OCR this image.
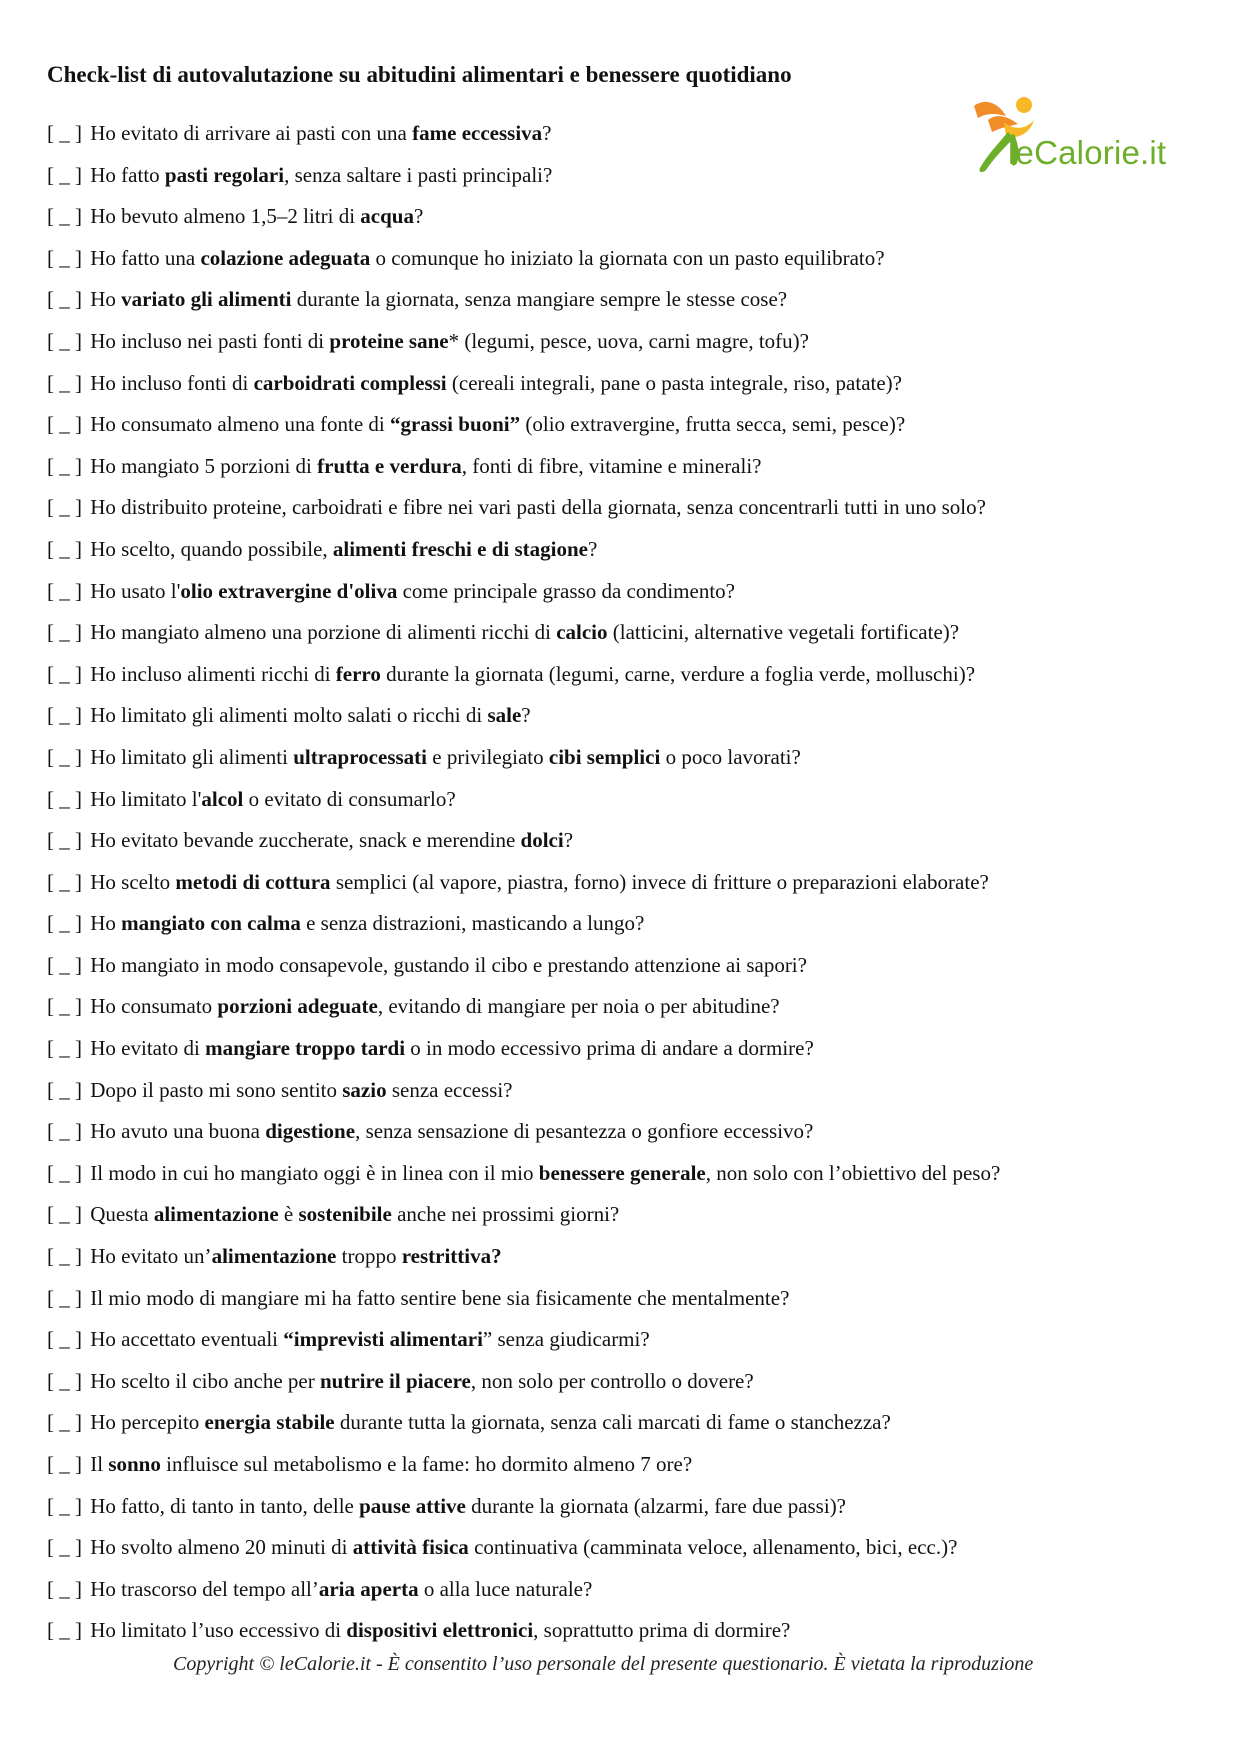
Check-list di autovalutazione su abitudini alimentari e benessere quotidiano
leCalorie.it
[ _ ] Ho evitato di arrivare ai pasti con una fame eccessiva?
[ _ ] Ho fatto pasti regolari, senza saltare i pasti principali?
[ _ ] Ho bevuto almeno 1,5–2 litri di acqua?
[ _ ] Ho fatto una colazione adeguata o comunque ho iniziato la giornata con un pasto equilibrato?
[ _ ] Ho variato gli alimenti durante la giornata, senza mangiare sempre le stesse cose?
[ _ ] Ho incluso nei pasti fonti di proteine sane* (legumi, pesce, uova, carni magre, tofu)?
[ _ ] Ho incluso fonti di carboidrati complessi (cereali integrali, pane o pasta integrale, riso, patate)?
[ _ ] Ho consumato almeno una fonte di “grassi buoni” (olio extravergine, frutta secca, semi, pesce)?
[ _ ] Ho mangiato 5 porzioni di frutta e verdura, fonti di fibre, vitamine e minerali?
[ _ ] Ho distribuito proteine, carboidrati e fibre nei vari pasti della giornata, senza concentrarli tutti in uno solo?
[ _ ] Ho scelto, quando possibile, alimenti freschi e di stagione?
[ _ ] Ho usato l'olio extravergine d'oliva come principale grasso da condimento?
[ _ ] Ho mangiato almeno una porzione di alimenti ricchi di calcio (latticini, alternative vegetali fortificate)?
[ _ ] Ho incluso alimenti ricchi di ferro durante la giornata (legumi, carne, verdure a foglia verde, molluschi)?
[ _ ] Ho limitato gli alimenti molto salati o ricchi di sale?
[ _ ] Ho limitato gli alimenti ultraprocessati e privilegiato cibi semplici o poco lavorati?
[ _ ] Ho limitato l'alcol o evitato di consumarlo?
[ _ ] Ho evitato bevande zuccherate, snack e merendine dolci?
[ _ ] Ho scelto metodi di cottura semplici (al vapore, piastra, forno) invece di fritture o preparazioni elaborate?
[ _ ] Ho mangiato con calma e senza distrazioni, masticando a lungo?
[ _ ] Ho mangiato in modo consapevole, gustando il cibo e prestando attenzione ai sapori?
[ _ ] Ho consumato porzioni adeguate, evitando di mangiare per noia o per abitudine?
[ _ ] Ho evitato di mangiare troppo tardi o in modo eccessivo prima di andare a dormire?
[ _ ] Dopo il pasto mi sono sentito sazio senza eccessi?
[ _ ] Ho avuto una buona digestione, senza sensazione di pesantezza o gonfiore eccessivo?
[ _ ] Il modo in cui ho mangiato oggi è in linea con il mio benessere generale, non solo con l’obiettivo del peso?
[ _ ] Questa alimentazione è sostenibile anche nei prossimi giorni?
[ _ ] Ho evitato un’alimentazione troppo restrittiva?
[ _ ] Il mio modo di mangiare mi ha fatto sentire bene sia fisicamente che mentalmente?
[ _ ] Ho accettato eventuali “imprevisti alimentari” senza giudicarmi?
[ _ ] Ho scelto il cibo anche per nutrire il piacere, non solo per controllo o dovere?
[ _ ] Ho percepito energia stabile durante tutta la giornata, senza cali marcati di fame o stanchezza?
[ _ ] Il sonno influisce sul metabolismo e la fame: ho dormito almeno 7 ore?
[ _ ] Ho fatto, di tanto in tanto, delle pause attive durante la giornata (alzarmi, fare due passi)?
[ _ ] Ho svolto almeno 20 minuti di attività fisica continuativa (camminata veloce, allenamento, bici, ecc.)?
[ _ ] Ho trascorso del tempo all’aria aperta o alla luce naturale?
[ _ ] Ho limitato l’uso eccessivo di dispositivi elettronici, soprattutto prima di dormire?
Copyright © leCalorie.it - È consentito l’uso personale del presente questionario. È vietata la riproduzione
